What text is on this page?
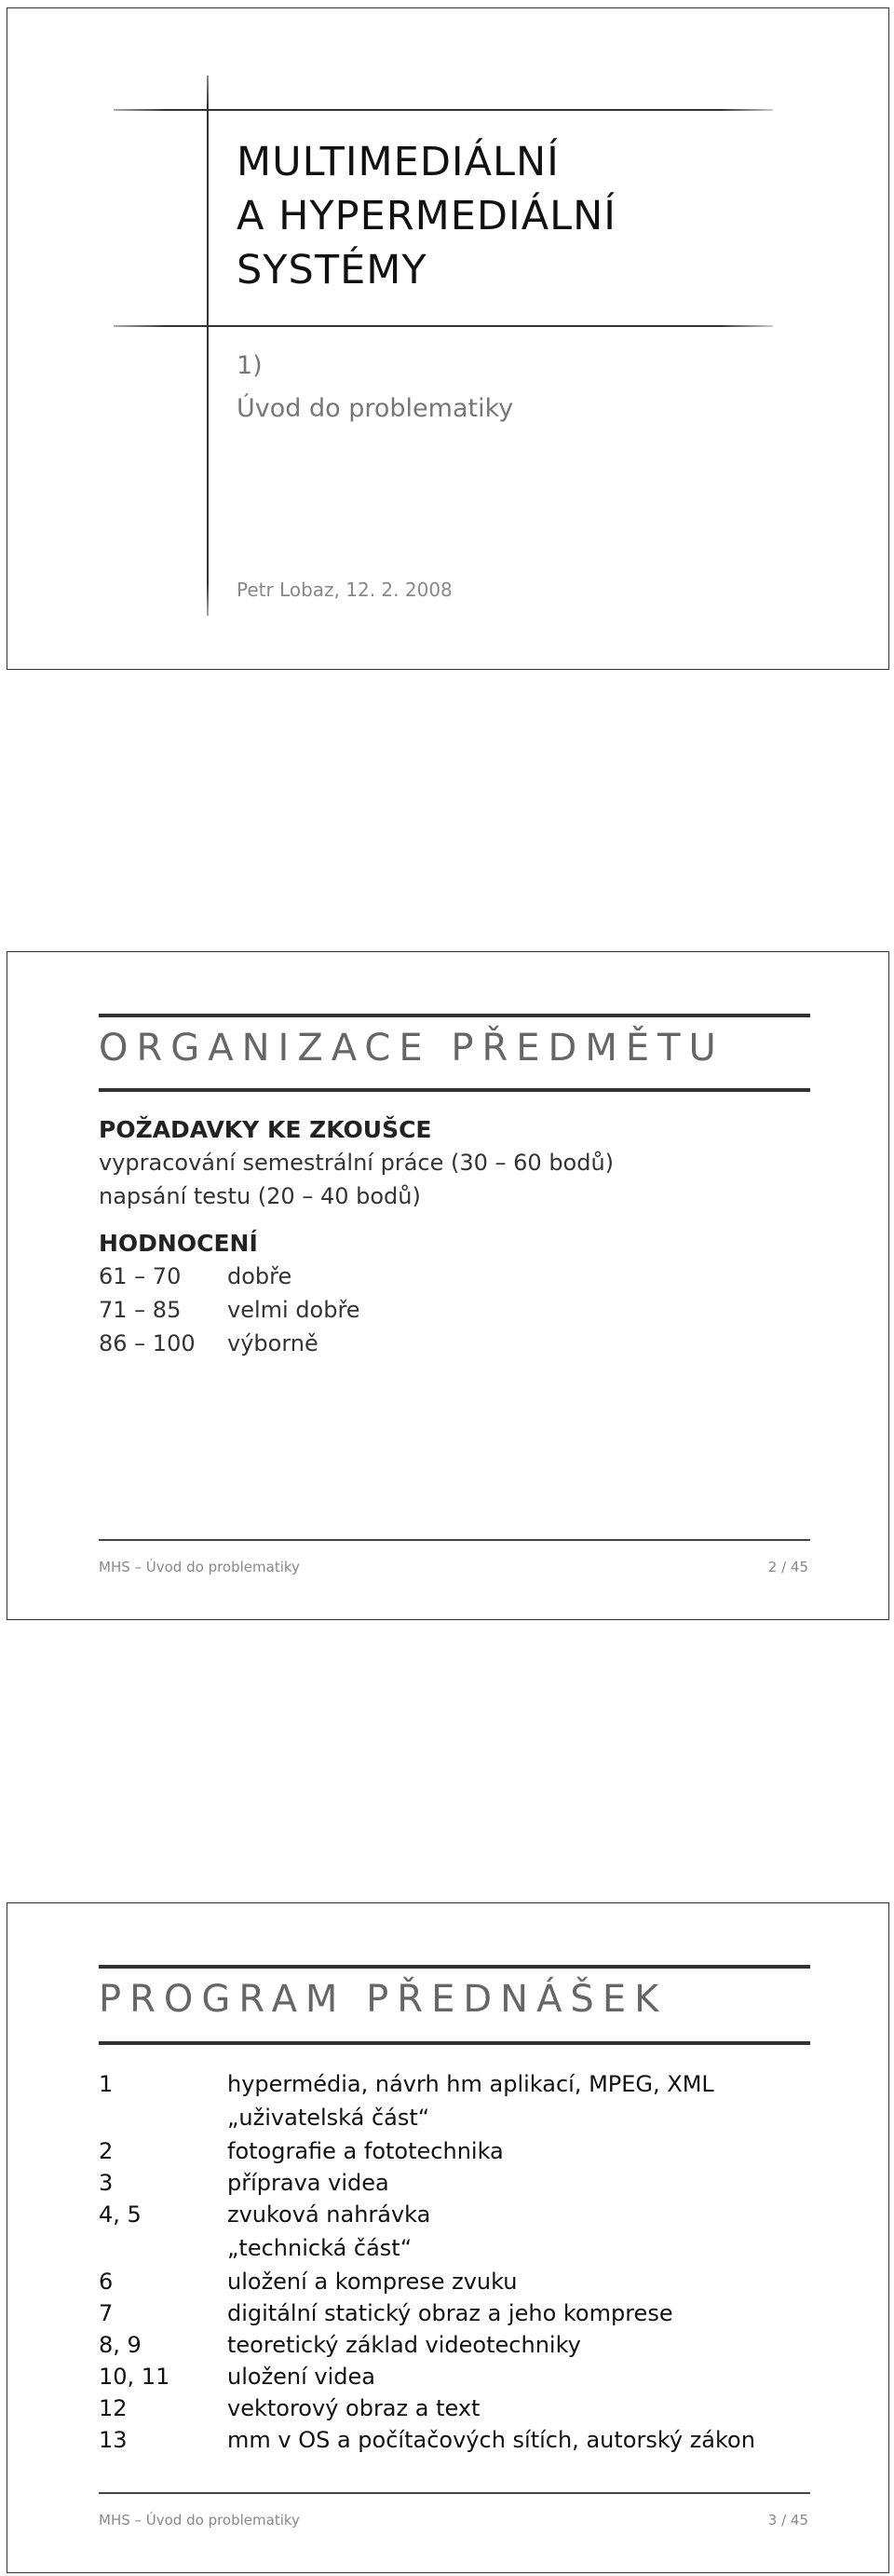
MULTIMEDIÁLNÍ
A HYPERMEDIÁLNÍ
SYSTÉMY
1)
Úvod do problematiky
Petr Lobaz, 12. 2. 2008
ORGANIZACE PŘEDMĚTU
POŽADAVKY KE ZKOUŠCE
vypracování semestrální práce (30 – 60 bodů)
napsání testu (20 – 40 bodů)
HODNOCENÍ
61 – 70 dobře
71 – 85 velmi dobře
86 – 100 výborně
MHS – Úvod do problematiky	2 / 45
PROGRAM PŘEDNÁŠEK
1	hypermédia, návrh hm aplikací, MPEG, XML
„uživatelská část“
2	fotografie a fototechnika
3	příprava videa
4, 5	zvuková nahrávka
„technická část“
6	uložení a komprese zvuku
7	digitální statický obraz a jeho komprese
8, 9	teoretický základ videotechniky
10, 11	uložení videa
12	vektorový obraz a text
13	mm v OS a počítačových sítích, autorský zákon
MHS – Úvod do problematiky	3 / 45
